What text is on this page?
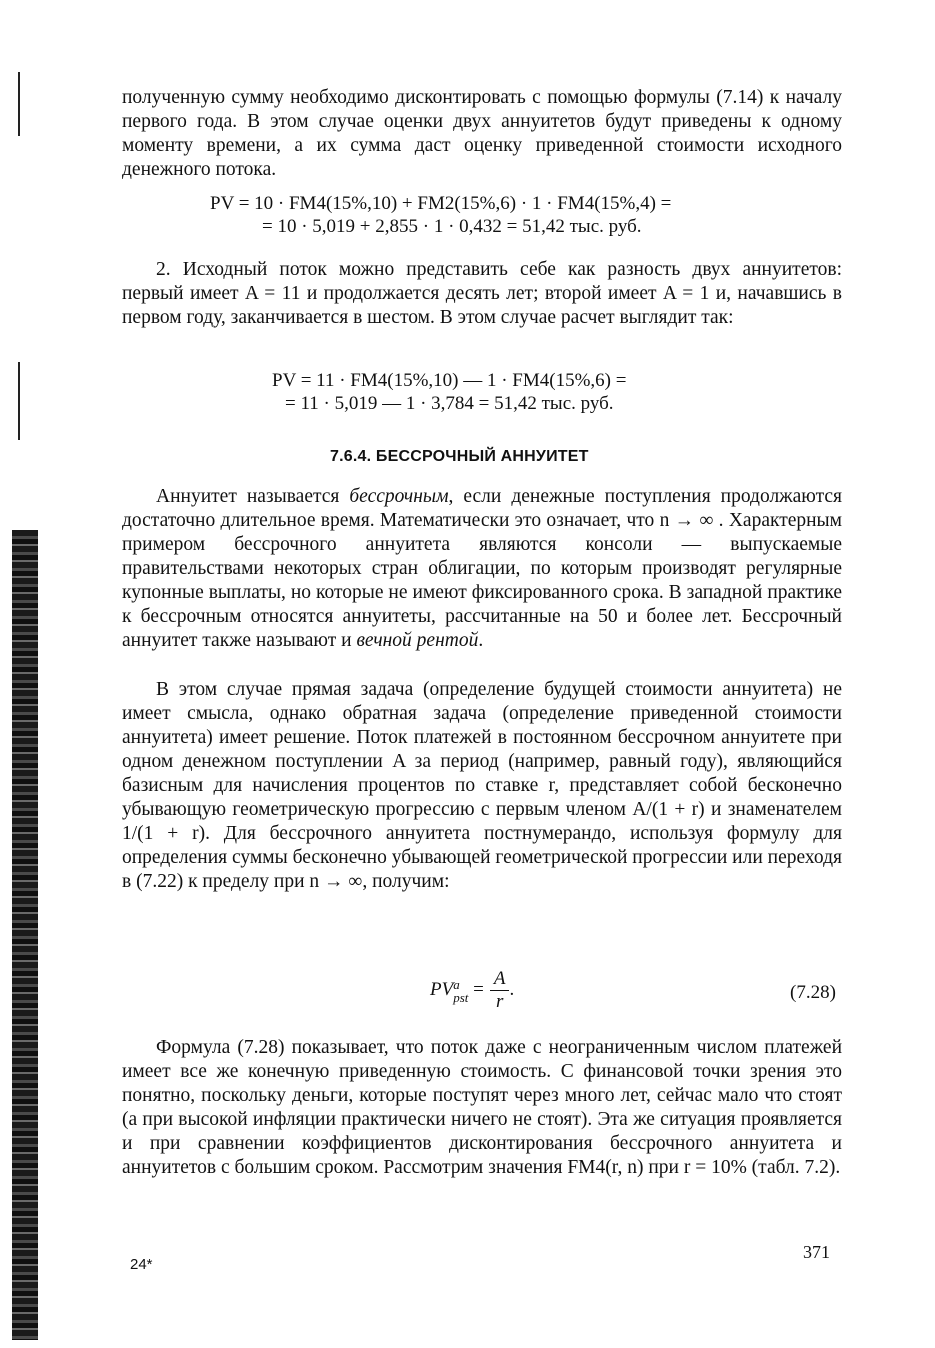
полученную сумму необходимо дисконтировать с помощью формулы (7.14) к началу первого года. В этом случае оценки двух аннуитетов будут приведены к одному моменту времени, а их сумма даст оценку приведенной стоимости исходного денежного потока.

PV = 10 · FM4(15%,10) + FM2(15%,6) · 1 · FM4(15%,4) =
= 10 · 5,019 + 2,855 · 1 · 0,432 = 51,42 тыс. руб.

2. Исходный поток можно представить себе как разность двух аннуитетов: первый имеет A = 11 и продолжается десять лет; второй имеет A = 1 и, начавшись в первом году, заканчивается в шестом. В этом случае расчет выглядит так:

PV = 11 · FM4(15%,10) — 1 · FM4(15%,6) =
= 11 · 5,019 — 1 · 3,784 = 51,42 тыс. руб.
7.6.4. БЕССРОЧНЫЙ АННУИТЕТ

Аннуитет называется бессрочным, если денежные поступления продолжаются достаточно длительное время. Математически это означает, что n → ∞ . Характерным примером бессрочного аннуитета являются консоли — выпускаемые правительствами некоторых стран облигации, по которым производят регулярные купонные выплаты, но которые не имеют фиксированного срока. В западной практике к бессрочным относятся аннуитеты, рассчитанные на 50 и более лет. Бессрочный аннуитет также называют и вечной рентой.

В этом случае прямая задача (определение будущей стоимости аннуитета) не имеет смысла, однако обратная задача (определение приведенной стоимости аннуитета) имеет решение. Поток платежей в постоянном бессрочном аннуитете при одном денежном поступлении A за период (например, равный году), являющийся базисным для начисления процентов по ставке r, представляет собой бесконечно убывающую геометрическую прогрессию с первым членом A/(1 + r) и знаменателем 1/(1 + r). Для бессрочного аннуитета постнумерандо, используя формулу для определения суммы бесконечно убывающей геометрической прогрессии или переходя в (7.22) к пределу при n → ∞, получим:

PV a
pst = $\frac{A}{r}$ .	(7.28)

Формула (7.28) показывает, что поток даже с неограниченным числом платежей имеет все же конечную приведенную стоимость. С финансовой точки зрения это понятно, поскольку деньги, которые поступят через много лет, сейчас мало что стоят (а при высокой инфляции практически ничего не стоят). Эта же ситуация проявляется и при сравнении коэффициентов дисконтирования бессрочного аннуитета и аннуитетов с большим сроком. Рассмотрим значения FM4(r, n) при r = 10% (табл. 7.2).

371
24*
